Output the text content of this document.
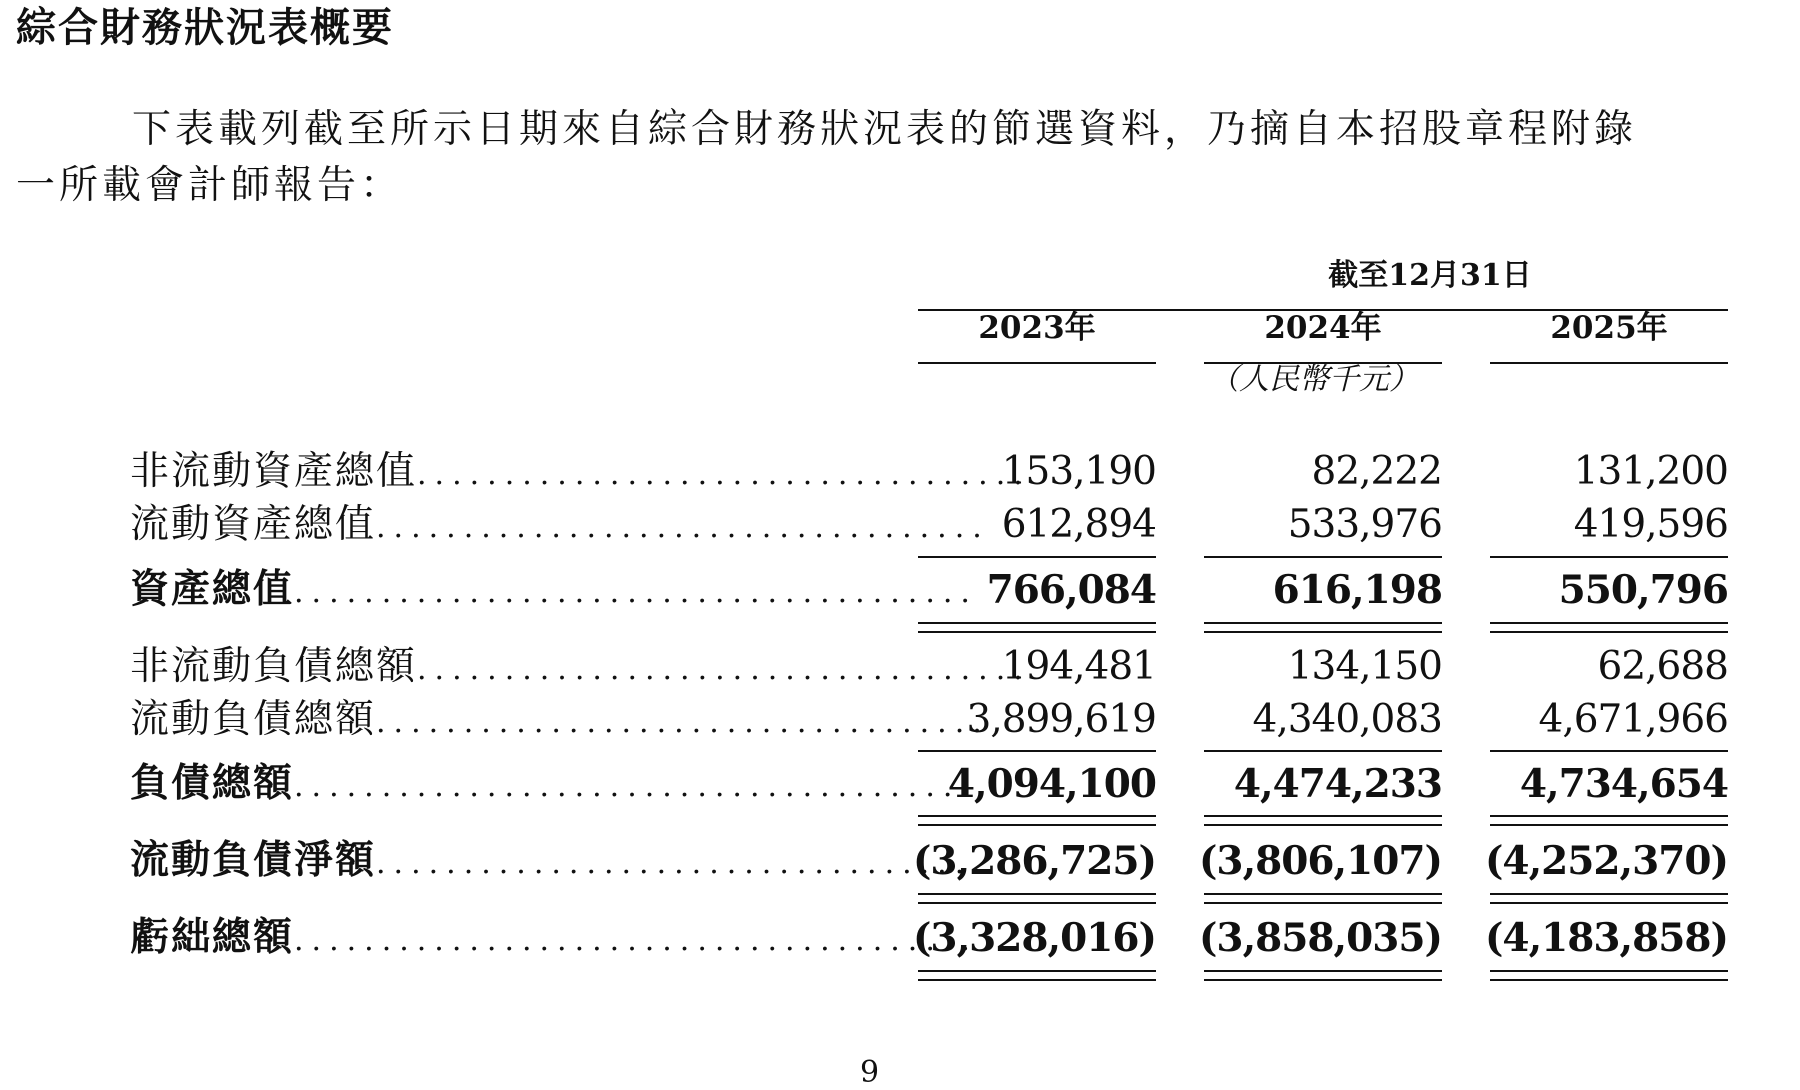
綜合財務狀況表概要

下表載列截至所示日期來自綜合財務狀況表的節選資料，乃摘自本招股章程附錄

一所載會計師報告：

截至12月31日
2023年	2024年	2025年
（人民幣千元）
非流動資產總值...................................
153,190	82,222	131,200
流動資產總值................................... 612,894	533,976	419,596
資產總值....................................... 766,084	616,198	550,796
非流動負債總額...................................
194,481	134,150	62,688
流動負債總額...................................
3,899,619	4,340,083	4,671,966
負債總額.......................................
4,094,100	4,474,233	4,734,654
流動負債淨額...................................
(3,286,725)	(3,806,107)	(4,252,370)
虧絀總額.......................................
(3,328,016)	(3,858,035)	(4,183,858)
9
